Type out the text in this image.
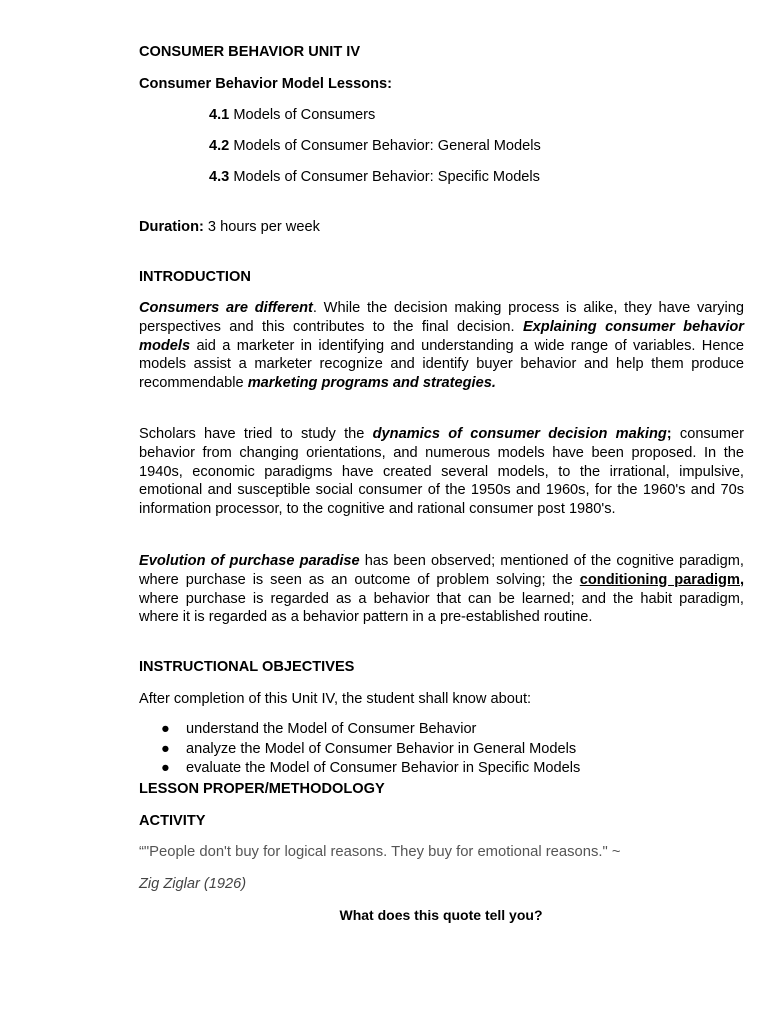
CONSUMER BEHAVIOR UNIT IV
Consumer Behavior Model Lessons:
4.1 Models of Consumers
4.2 Models of Consumer Behavior: General Models
4.3 Models of Consumer Behavior: Specific Models
Duration: 3 hours per week
INTRODUCTION
Consumers are different. While the decision making process is alike, they have varying perspectives and this contributes to the final decision. Explaining consumer behavior models aid a marketer in identifying and understanding a wide range of variables. Hence models assist a marketer recognize and identify buyer behavior and help them produce recommendable marketing programs and strategies.
Scholars have tried to study the dynamics of consumer decision making; consumer behavior from changing orientations, and numerous models have been proposed. In the 1940s, economic paradigms have created several models, to the irrational, impulsive, emotional and susceptible social consumer of the 1950s and 1960s, for the 1960's and 70s information processor, to the cognitive and rational consumer post 1980's.
Evolution of purchase paradise has been observed; mentioned of the cognitive paradigm, where purchase is seen as an outcome of problem solving; the conditioning paradigm, where purchase is regarded as a behavior that can be learned; and the habit paradigm, where it is regarded as a behavior pattern in a pre-established routine.
INSTRUCTIONAL OBJECTIVES
After completion of this Unit IV, the student shall know about:
● understand the Model of Consumer Behavior
● analyze the Model of Consumer Behavior in General Models
● evaluate the Model of Consumer Behavior in Specific Models
LESSON PROPER/METHODOLOGY
ACTIVITY
“"People don't buy for logical reasons. They buy for emotional reasons." ~
Zig Ziglar (1926)
What does this quote tell you?
